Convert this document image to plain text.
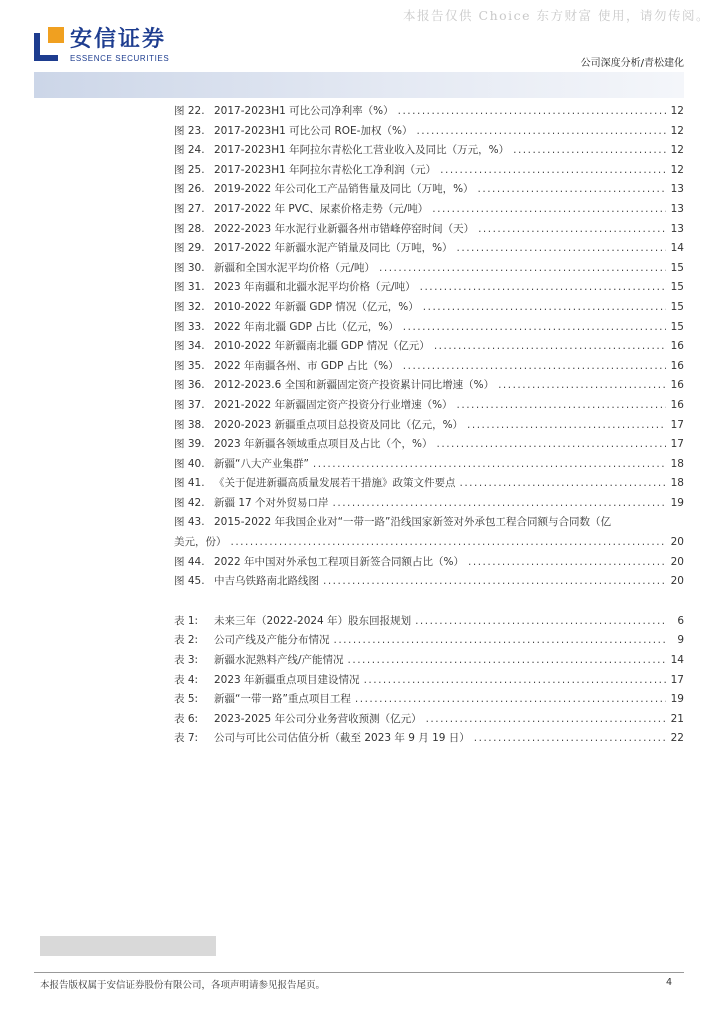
本报告仅供 Choice 东方财富 使用，请勿传阅。
安信证券
ESSENCE SECURITIES	公司深度分析/青松建化
图 22. 2017-2023H1 可比公司净利率（%） .....	12
图 23. 2017-2023H1 可比公司 ROE-加权（%） .....	12
图 24. 2017-2023H1 年阿拉尔青松化工营业收入及同比（万元，%） .....	12
图 25. 2017-2023H1 年阿拉尔青松化工净利润（元） .....	12
图 26. 2019-2022 年公司化工产品销售量及同比（万吨，%） .....	13
图 27. 2017-2022 年 PVC、尿素价格走势（元/吨） .....	13
图 28. 2022-2023 年水泥行业新疆各州市错峰停窑时间（天） .....	13
图 29. 2017-2022 年新疆水泥产销量及同比（万吨，%） .....	14
图 30. 新疆和全国水泥平均价格（元/吨） .....	15
图 31. 2023 年南疆和北疆水泥平均价格（元/吨） .....	15
图 32. 2010-2022 年新疆 GDP 情况（亿元，%） .....	15
图 33. 2022 年南北疆 GDP 占比（亿元，%） .....	15
图 34. 2010-2022 年新疆南北疆 GDP 情况（亿元） .....	16
图 35. 2022 年南疆各州、市 GDP 占比（%） .....	16
图 36. 2012-2023.6 全国和新疆固定资产投资累计同比增速（%） .....	16
图 37. 2021-2022 年新疆固定资产投资分行业增速（%） .....	16
图 38. 2020-2023 新疆重点项目总投资及同比（亿元，%） .....	17
图 39. 2023 年新疆各领域重点项目及占比（个，%） .....	17
图 40. 新疆“八大产业集群” .....	18
图 41. 《关于促进新疆高质量发展若干措施》政策文件要点 .....	18
图 42. 新疆 17 个对外贸易口岸 .....	19
图 43. 2015-2022 年我国企业对“一带一路”沿线国家新签对外承包工程合同额与合同数（亿
美元，份） .....	20
图 44. 2022 年中国对外承包工程项目新签合同额占比（%） .....	20
图 45. 中吉乌铁路南北路线图 .....	20
表 1:	未来三年（2022-2024 年）股东回报规划 .....	6
表 2:	公司产线及产能分布情况 .....	9
表 3:	新疆水泥熟料产线/产能情况 .....	14
表 4:	2023 年新疆重点项目建设情况 .....	17
表 5:	新疆“一带一路”重点项目工程 .....	19
表 6:	2023-2025 年公司分业务营收预测（亿元） .....	21
表 7:	公司与可比公司估值分析（截至 2023 年 9 月 19 日） .....	22
本报告版权属于安信证券股份有限公司，各项声明请参见报告尾页。	4
